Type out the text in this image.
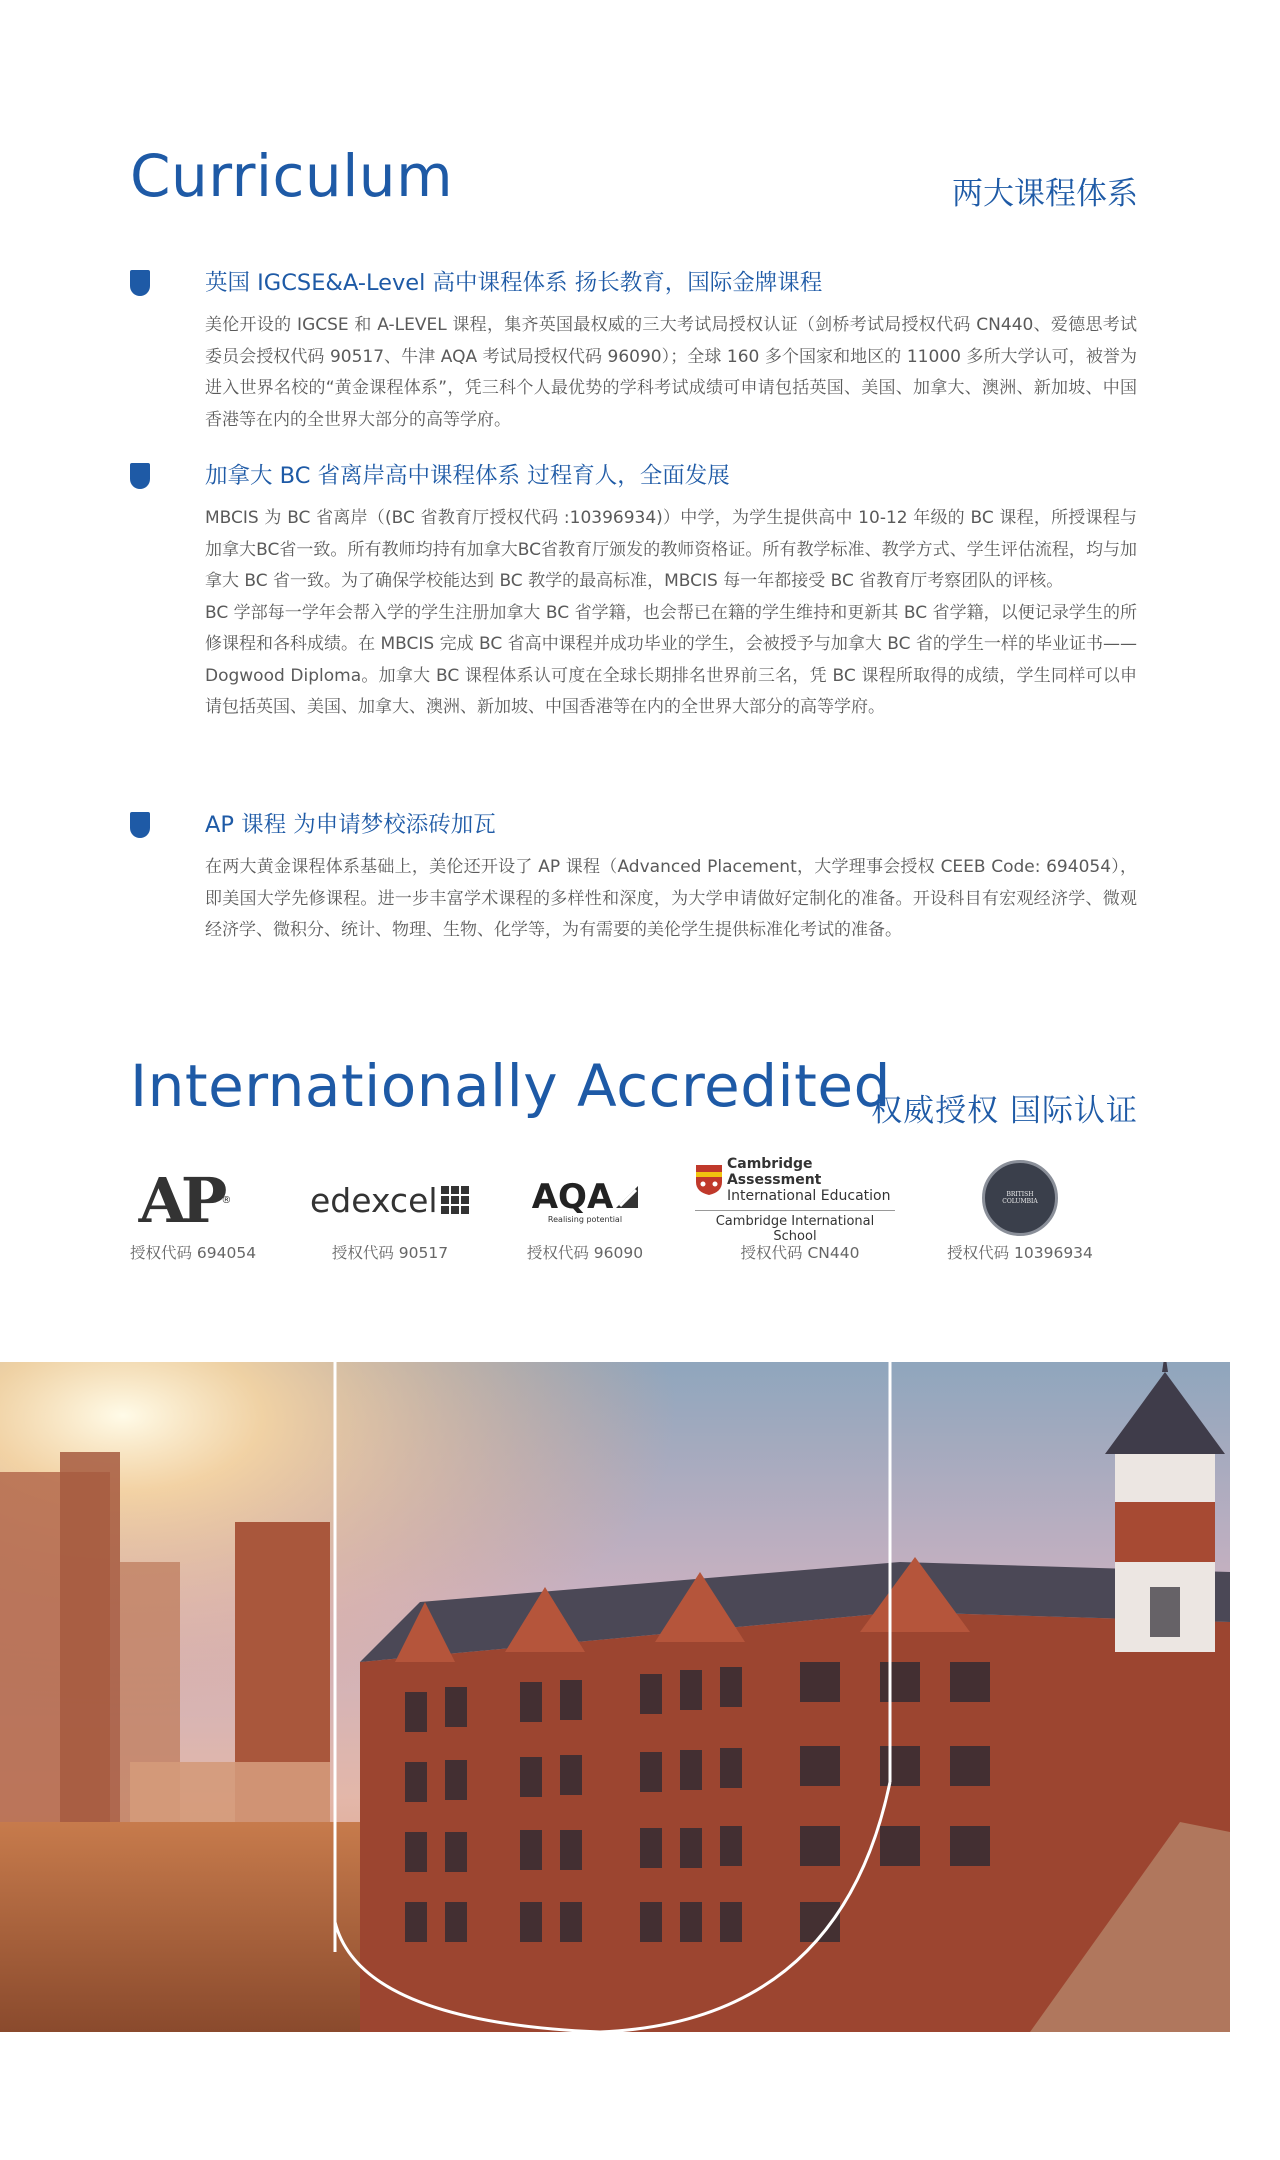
Curriculum	两大课程体系
英国 IGCSE&A-Level 高中课程体系 扬长教育，国际金牌课程

美伦开设的 IGCSE 和 A-LEVEL 课程，集齐英国最权威的三大考试局授权认证（剑桥考试局授权代码 CN440、爱德思考试委员会授权代码 90517、牛津 AQA 考试局授权代码 96090）；全球 160 多个国家和地区的 11000 多所大学认可，被誉为进入世界名校的“黄金课程体系”，凭三科个人最优势的学科考试成绩可申请包括英国、美国、加拿大、澳洲、新加坡、中国香港等在内的全世界大部分的高等学府。

加拿大 BC 省离岸高中课程体系 过程育人，全面发展

MBCIS 为 BC 省离岸（(BC 省教育厅授权代码 :10396934)）中学，为学生提供高中 10-12 年级的 BC 课程，所授课程与加拿大BC省一致。所有教师均持有加拿大BC省教育厅颁发的教师资格证。所有教学标准、教学方式、学生评估流程，均与加拿大 BC 省一致。为了确保学校能达到 BC 教学的最高标准，MBCIS 每一年都接受 BC 省教育厅考察团队的评核。

BC 学部每一学年会帮入学的学生注册加拿大 BC 省学籍，也会帮已在籍的学生维持和更新其 BC 省学籍，以便记录学生的所修课程和各科成绩。在 MBCIS 完成 BC 省高中课程并成功毕业的学生，会被授予与加拿大 BC 省的学生一样的毕业证书—— Dogwood Diploma。加拿大 BC 课程体系认可度在全球长期排名世界前三名，凭 BC 课程所取得的成绩，学生同样可以申请包括英国、美国、加拿大、澳洲、新加坡、中国香港等在内的全世界大部分的高等学府。

AP 课程 为申请梦校添砖加瓦

在两大黄金课程体系基础上，美伦还开设了 AP 课程（Advanced Placement，大学理事会授权 CEEB Code: 694054），即美国大学先修课程。进一步丰富学术课程的多样性和深度，为大学申请做好定制化的准备。开设科目有宏观经济学、微观经济学、微积分、统计、物理、生物、化学等，为有需要的美伦学生提供标准化考试的准备。

Internationally Accredited
权威授权 国际认证
AP ®
授权代码 694054
edexcel
授权代码 90517
AQA
Realising potential
授权代码 96090
Cambridge Assessment
International Education
Cambridge International School
授权代码 CN440
BRITISH
COLUMBIA
授权代码 10396934
